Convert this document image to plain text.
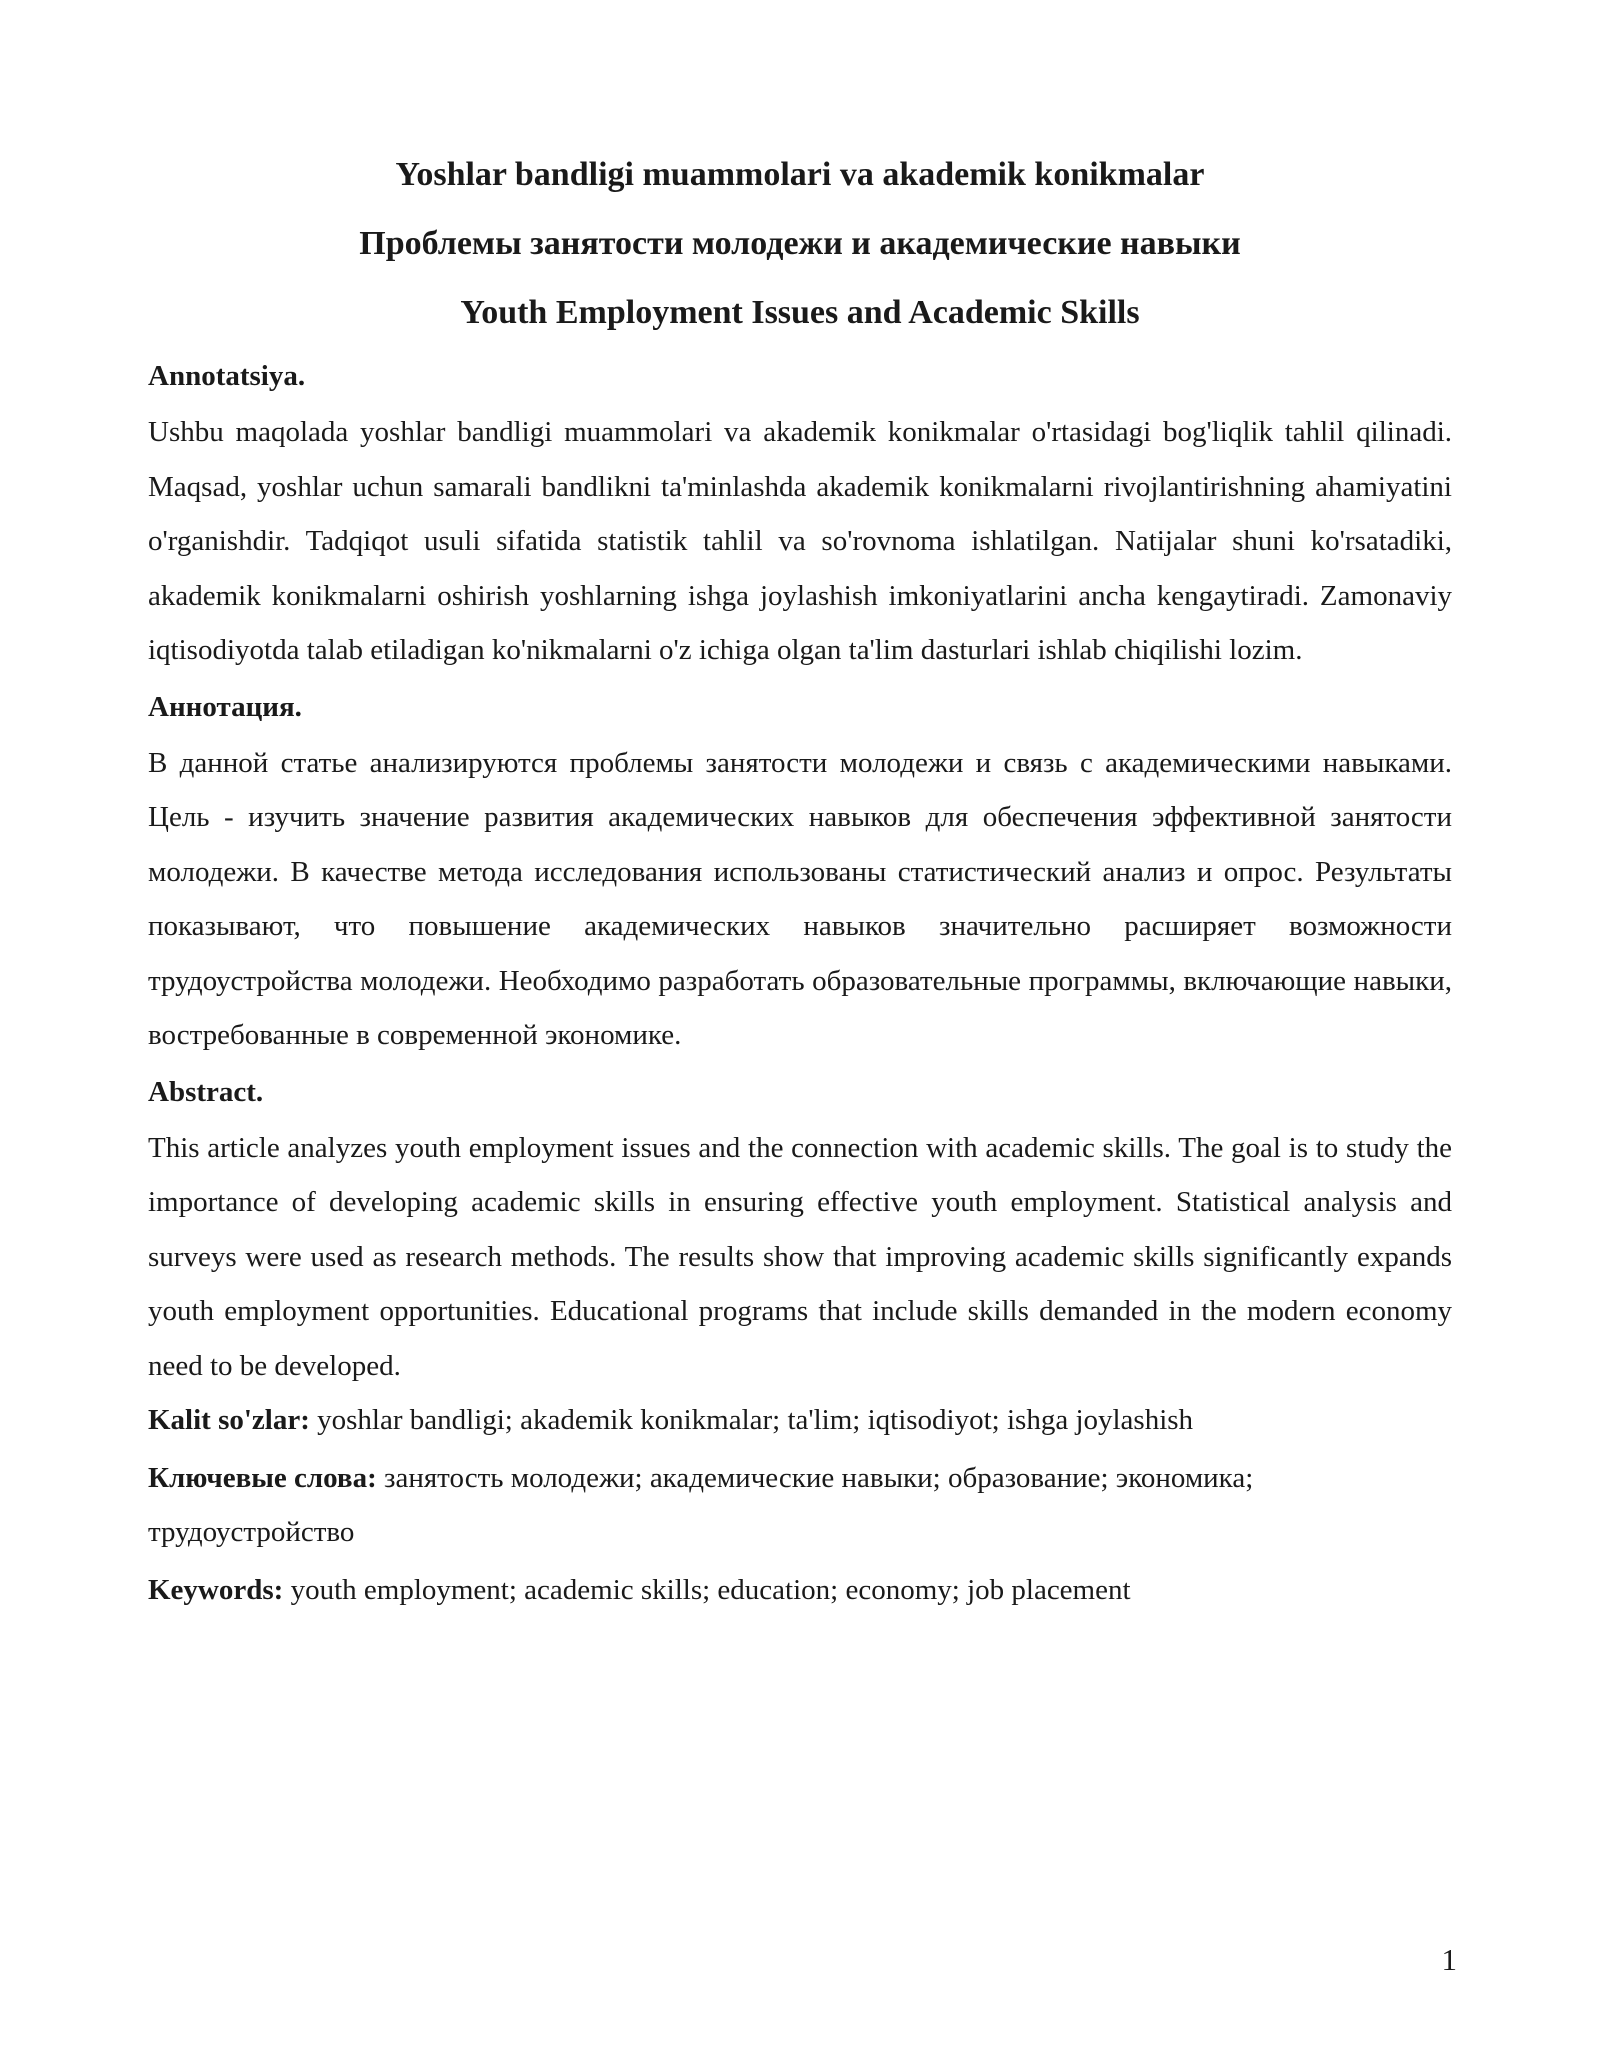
Yoshlar bandligi muammolari va akademik konikmalar
Проблемы занятости молодежи и академические навыки
Youth Employment Issues and Academic Skills

Annotatsiya.

Ushbu maqolada yoshlar bandligi muammolari va akademik konikmalar o'rtasidagi bog'liqlik tahlil qilinadi. Maqsad, yoshlar uchun samarali bandlikni ta'minlashda akademik konikmalarni rivojlantirishning ahamiyatini o'rganishdir. Tadqiqot usuli sifatida statistik tahlil va so'rovnoma ishlatilgan. Natijalar shuni ko'rsatadiki, akademik konikmalarni oshirish yoshlarning ishga joylashish imkoniyatlarini ancha kengaytiradi. Zamonaviy iqtisodiyotda talab etiladigan ko'nikmalarni o'z ichiga olgan ta'lim dasturlari ishlab chiqilishi lozim.

Аннотация.

В данной статье анализируются проблемы занятости молодежи и связь с академическими навыками. Цель - изучить значение развития академических навыков для обеспечения эффективной занятости молодежи. В качестве метода исследования использованы статистический анализ и опрос. Результаты показывают, что повышение академических навыков значительно расширяет возможности трудоустройства молодежи. Необходимо разработать образовательные программы, включающие навыки, востребованные в современной экономике.

Abstract.

This article analyzes youth employment issues and the connection with academic skills. The goal is to study the importance of developing academic skills in ensuring effective youth employment. Statistical analysis and surveys were used as research methods. The results show that improving academic skills significantly expands youth employment opportunities. Educational programs that include skills demanded in the modern economy need to be developed.

Kalit so'zlar: yoshlar bandligi; akademik konikmalar; ta'lim; iqtisodiyot; ishga joylashish

Ключевые слова: занятость молодежи; академические навыки; образование; экономика; трудоустройство

Keywords: youth employment; academic skills; education; economy; job placement

1
